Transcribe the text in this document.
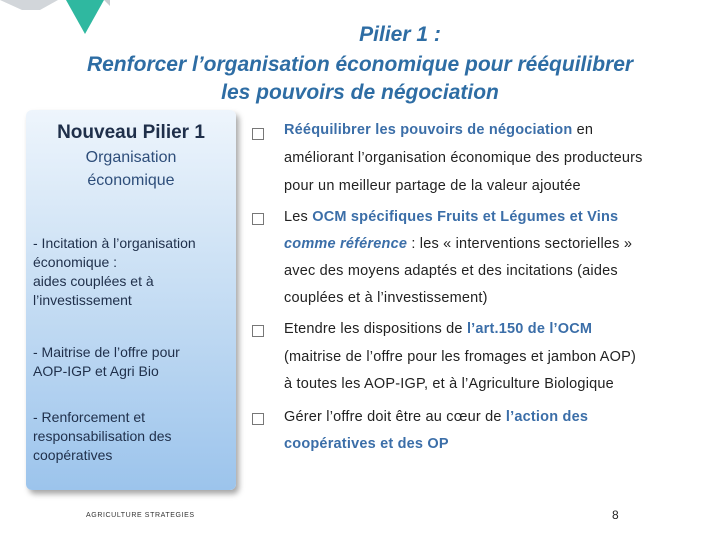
Pilier 1 :
Renforcer l’organisation économique pour rééquilibrer
les pouvoirs de négociation
Nouveau Pilier 1
Organisation
économique
- Incitation à l’organisation
économique :
aides couplées et à
l’investissement
- Maitrise de l’offre pour
AOP-IGP et Agri Bio
- Renforcement et
responsabilisation des
coopératives
Rééquilibrer les pouvoirs de négociation en
améliorant l’organisation économique des producteurs
pour un meilleur partage de la valeur ajoutée
Les OCM spécifiques Fruits et Légumes et Vins
comme référence : les « interventions sectorielles »
avec des moyens adaptés et des incitations (aides
couplées et à l’investissement)
Etendre les dispositions de l’art.150 de l’OCM
(maitrise de l’offre pour les fromages et jambon AOP)
à toutes les AOP-IGP, et à l’Agriculture Biologique
Gérer l’offre doit être au cœur de l’action des
coopératives et des OP
AGRICULTURE STRATEGIES	8
